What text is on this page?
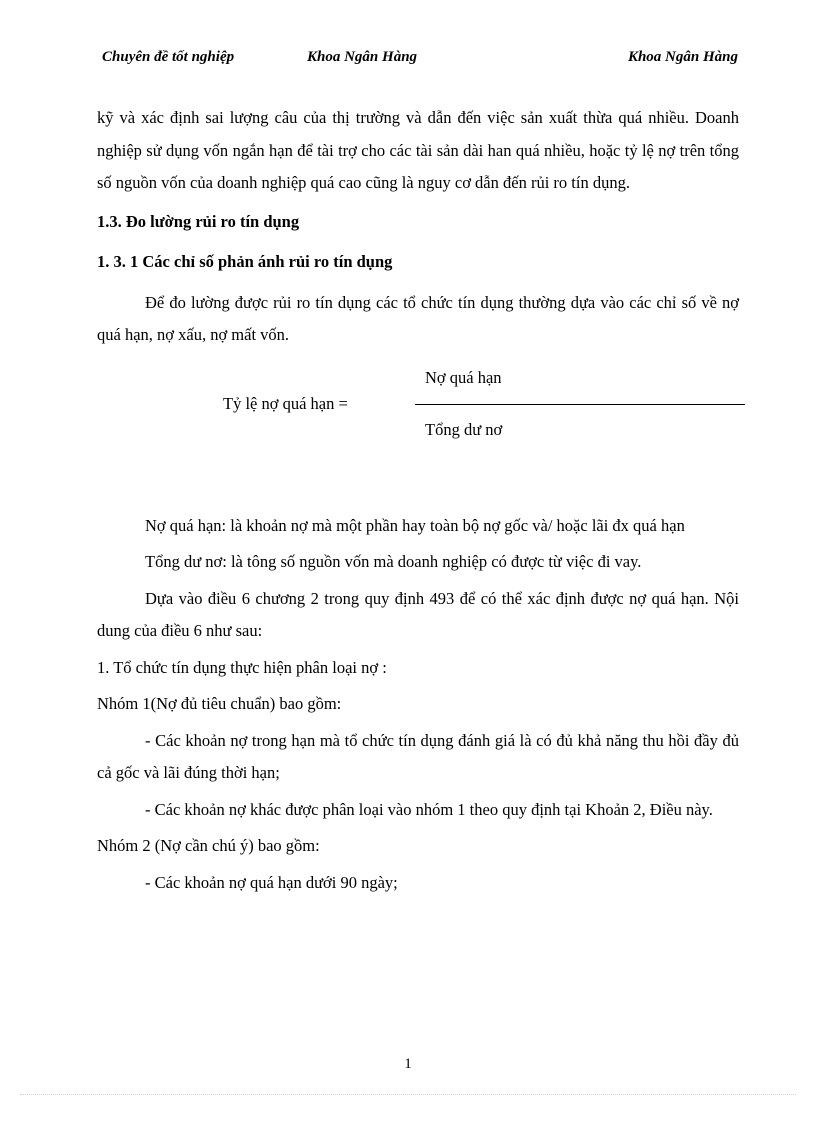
Chuyên đề tốt nghiệp	Khoa Ngân Hàng	Khoa Ngân Hàng

kỹ và xác định sai lượng câu của thị trường và dẫn đến việc sản xuất thừa quá nhiều. Doanh nghiệp sử dụng vốn ngắn hạn để tài trợ cho các tài sản dài han quá nhiều, hoặc tỷ lệ nợ trên tổng số nguồn vốn của doanh nghiệp quá cao cũng là nguy cơ dẫn đến rủi ro tín dụng.

1.3. Đo lường rủi ro tín dụng

1. 3. 1 Các chỉ số phản ánh rủi ro tín dụng

Để đo lường được rủi ro tín dụng các tổ chức tín dụng thường dựa vào các chỉ số về nợ quá hạn, nợ xấu, nợ mất vốn.

Tỷ lệ nợ quá hạn =
Nợ quá hạn
Tổng dư nơ

Nợ quá hạn: là khoản nợ mà một phần hay toàn bộ nợ gốc và/ hoặc lãi đx quá hạn

Tổng dư nơ: là tông số nguồn vốn mà doanh nghiệp có được từ việc đi vay.

Dựa vào điều 6 chương 2 trong quy định 493 để có thể xác định được nợ quá hạn. Nội dung của điều 6 như sau:

1. Tổ chức tín dụng thực hiện phân loại nợ :

Nhóm 1(Nợ đủ tiêu chuẩn) bao gồm:

- Các khoản nợ trong hạn mà tổ chức tín dụng đánh giá là có đủ khả năng thu hồi đầy đủ cả gốc và lãi đúng thời hạn;

- Các khoản nợ khác được phân loại vào nhóm 1 theo quy định tại Khoản 2, Điều này.

Nhóm 2 (Nợ cần chú ý) bao gồm:

- Các khoản nợ quá hạn dưới 90 ngày;

1
